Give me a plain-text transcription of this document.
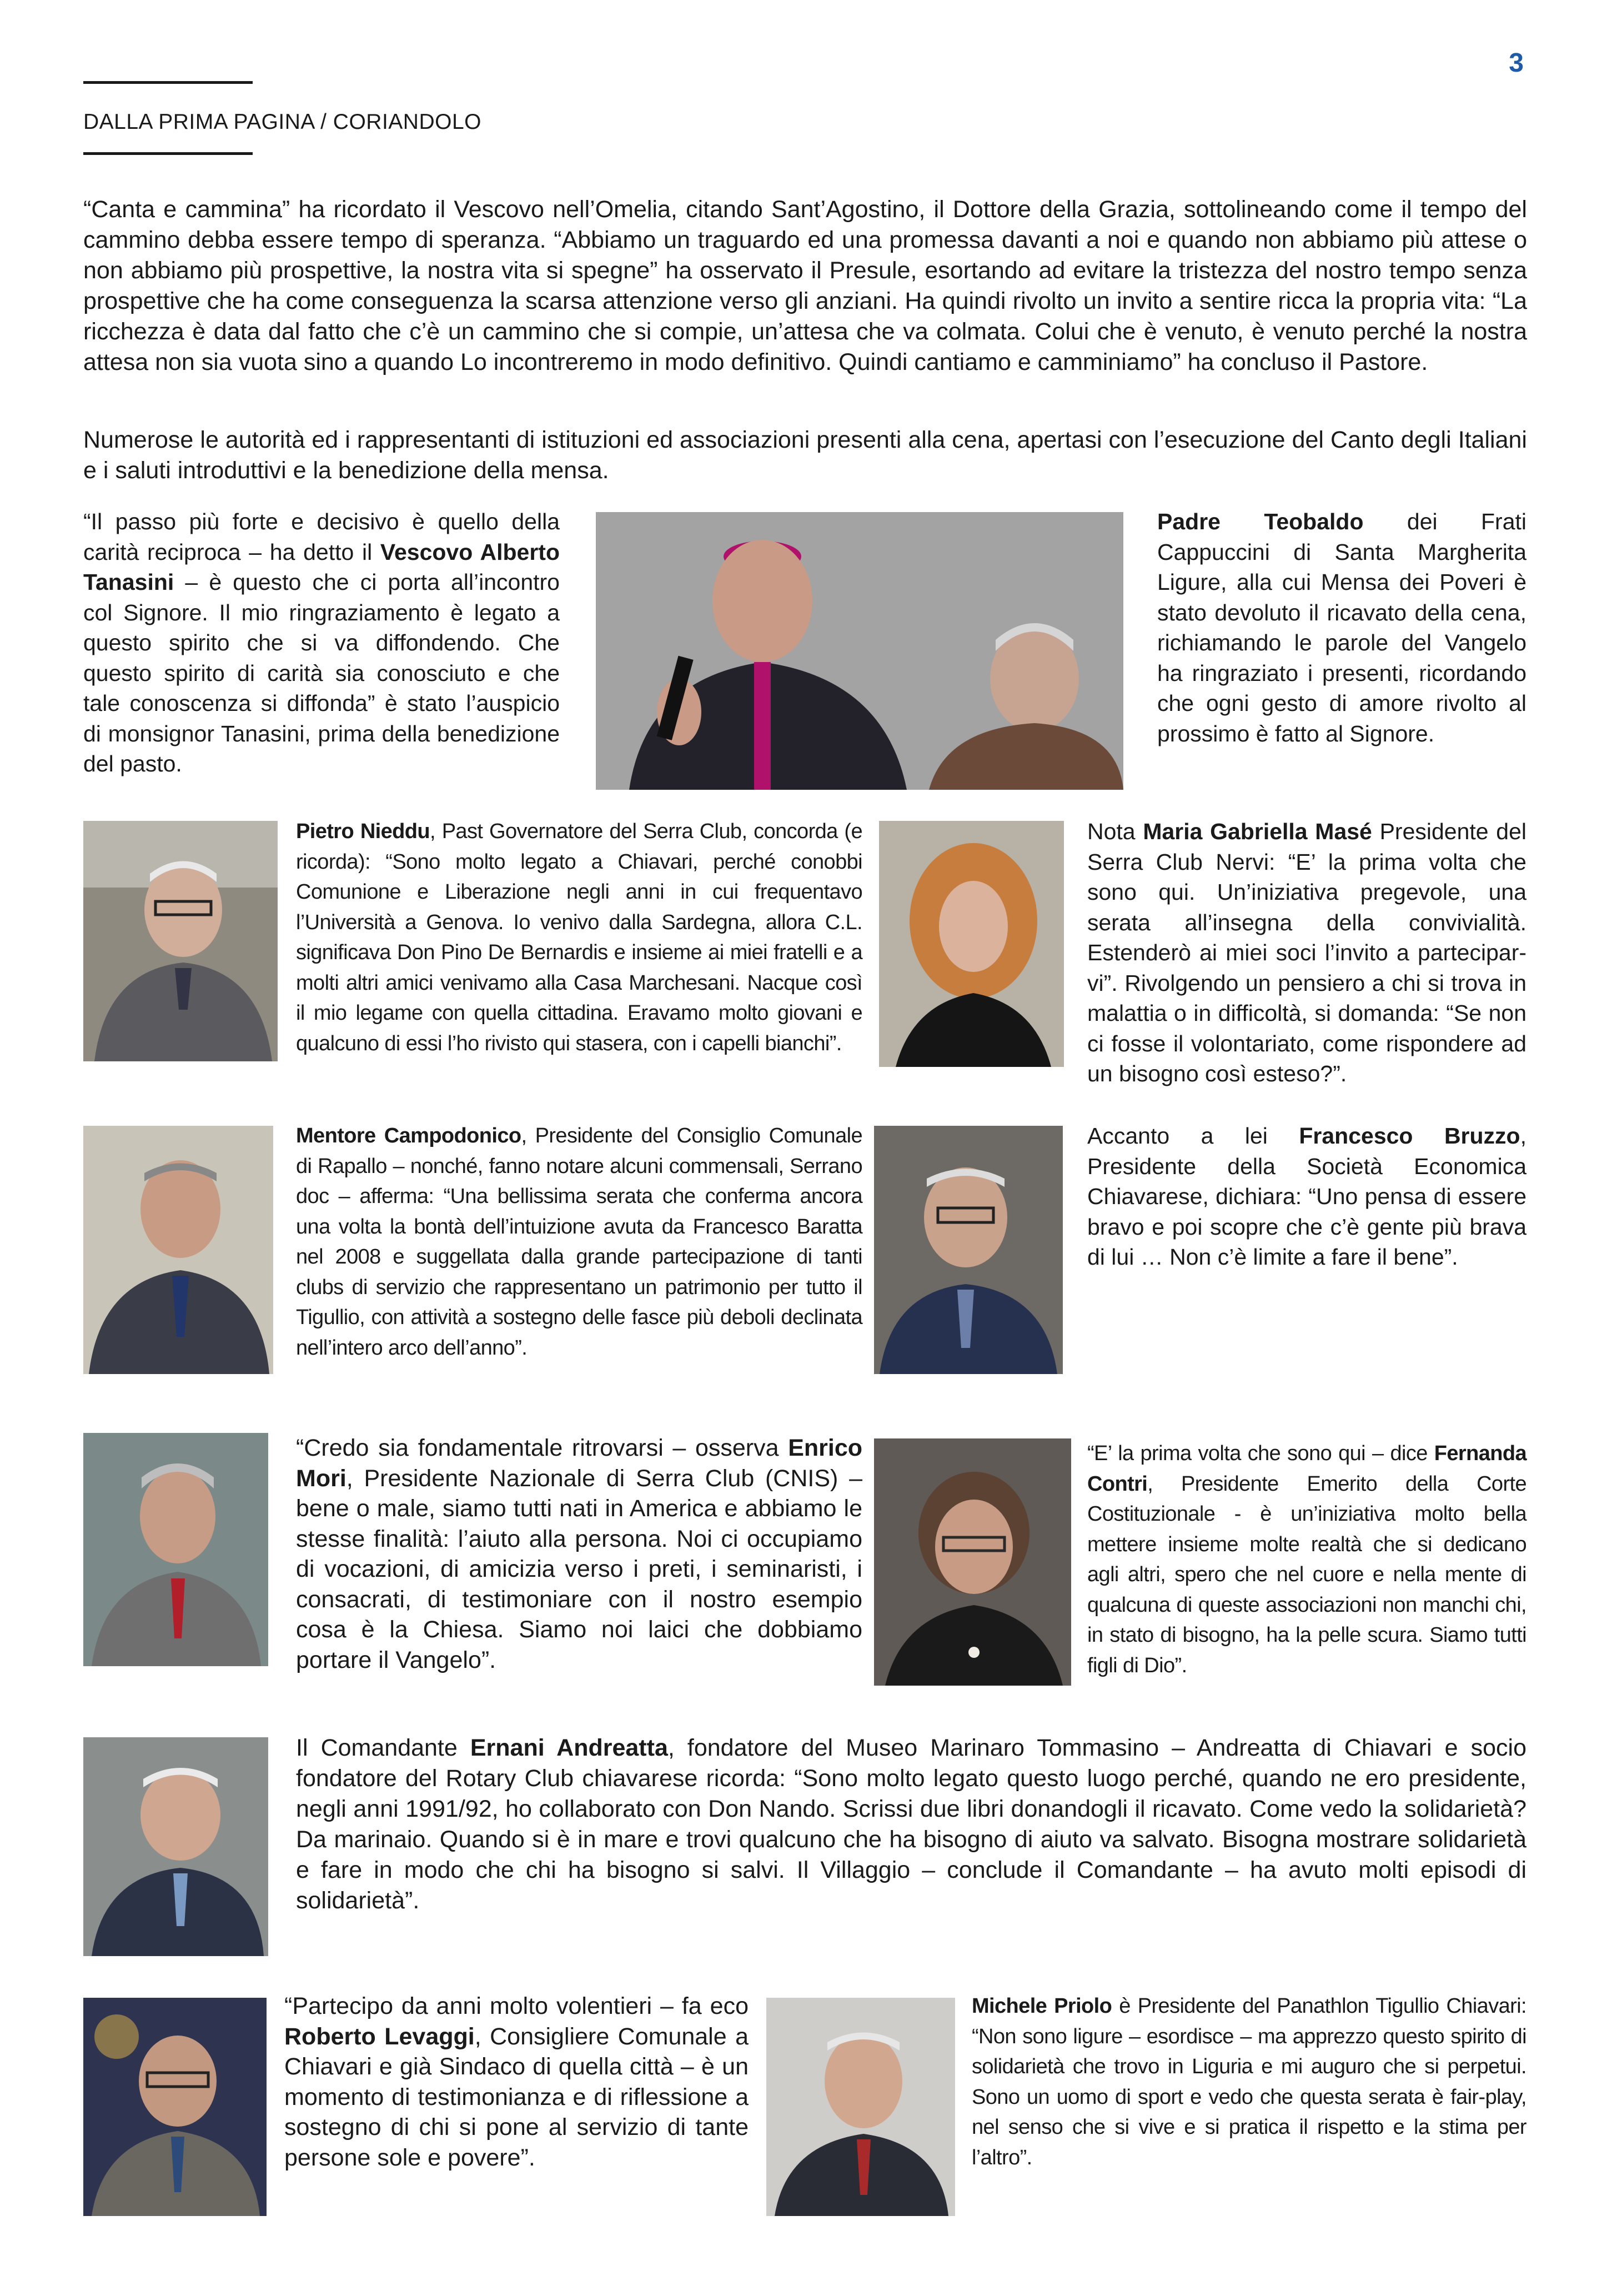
DALLA PRIMA PAGINA / CORIANDOLO
3

“Canta e cammina” ha ricordato il Vescovo nell’Omelia, citando Sant’Agostino, il Dottore della Grazia, sottolineando come il tempo del cammino debba essere tempo di speranza. “Abbiamo un traguardo ed una promessa davanti a noi e quando non abbiamo più attese o non abbiamo più prospettive, la nostra vita si spegne” ha osservato il Presule, esortando ad evitare la tristezza del nostro tempo senza prospettive che ha come conseguenza la scarsa attenzione verso gli anziani. Ha quindi rivolto un invito a sentire ricca la propria vita: “La ricchezza è data dal fatto che c’è un cammino che si compie, un’attesa che va colmata. Colui che è venuto, è venuto perché la nostra attesa non sia vuota sino a quando Lo incontreremo in modo definitivo. Quindi cantiamo e camminiamo” ha concluso il Pastore.

Numerose le autorità ed i rappresentanti di istituzioni ed associazioni presenti alla cena, apertasi con l’esecuzione del Canto degli Italiani e i saluti introduttivi e la benedizione della mensa.

“Il passo più forte e decisivo è quello della carità reciproca – ha detto il Vescovo Alberto Tanasini – è questo che ci porta all’incontro col Signore. Il mio ringraziamento è legato a questo spirito che si va diffondendo. Che questo spirito di carità sia conosciuto e che tale conoscenza si diffonda” è stato l’auspicio di monsignor Tanasini, prima della benedizione del pasto.

Padre Teobaldo dei Frati Cappuccini di Santa Margherita Ligure, alla cui Mensa dei Poveri è stato devoluto il ricavato della cena, richiamando le parole del Vangelo ha ringraziato i presenti, ricordando che ogni gesto di amore rivolto al prossimo è fatto al Signore.

Pietro Nieddu, Past Governatore del Serra Club, concorda (e ricorda): “Sono molto legato a Chiavari, perché conobbi Comunione e Liberazione negli anni in cui frequentavo l’Università a Genova. Io venivo dalla Sardegna, allora C.L. significava Don Pino De Bernardis e insieme ai miei fratelli e a molti altri amici venivamo alla Casa Marchesani. Nacque così il mio legame con quella cittadina. Eravamo molto giovani e qualcuno di essi l’ho rivisto qui stasera, con i capelli bianchi”.

Nota Maria Gabriella Masé Presidente del Serra Club Nervi: “E’ la prima volta che sono qui. Un’iniziativa pregevole, una serata all’insegna della convivialità. Estenderò ai miei soci l’invito a parteciparvi”. Rivolgendo un pensiero a chi si trova in malattia o in difficoltà, si domanda: “Se non ci fosse il volontariato, come rispondere ad un bisogno così esteso?”.

Mentore Campodonico, Presidente del Consiglio Comunale di Rapallo – nonché, fanno notare alcuni commensali, Serrano doc – afferma: “Una bellissima serata che conferma ancora una volta la bontà dell’intuizione avuta da Francesco Baratta nel 2008 e suggellata dalla grande partecipazione di tanti clubs di servizio che rappresentano un patrimonio per tutto il Tigullio, con attività a sostegno delle fasce più deboli declinata nell’intero arco dell’anno”.

Accanto a lei Francesco Bruzzo, Presidente della Società Economica Chiavarese, dichiara: “Uno pensa di essere bravo e poi scopre che c’è gente più brava di lui … Non c’è limite a fare il bene”.

“Credo sia fondamentale ritrovarsi – osserva Enrico Mori, Presidente Nazionale di Serra Club (CNIS) – bene o male, siamo tutti nati in America e abbiamo le stesse finalità: l’aiuto alla persona. Noi ci occupiamo di vocazioni, di amicizia verso i preti, i seminaristi, i consacrati, di testimoniare con il nostro esempio cosa è la Chiesa. Siamo noi laici che dobbiamo portare il Vangelo”.

“E’ la prima volta che sono qui – dice Fernanda Contri, Presidente Emerito della Corte Costituzionale - è un’iniziativa molto bella mettere insieme molte realtà che si dedicano agli altri, spero che nel cuore e nella mente di qualcuna di queste associazioni non manchi chi, in stato di bisogno, ha la pelle scura. Siamo tutti figli di Dio”.

Il Comandante Ernani Andreatta, fondatore del Museo Marinaro Tommasino – Andreatta di Chiavari e socio fondatore del Rotary Club chiavarese ricorda: “Sono molto legato questo luogo perché, quando ne ero presidente, negli anni 1991/92, ho collaborato con Don Nando. Scrissi due libri donandogli il ricavato. Come vedo la solidarietà? Da marinaio. Quando si è in mare e trovi qualcuno che ha bisogno di aiuto va salvato. Bisogna mostrare solidarietà e fare in modo che chi ha bisogno si salvi. Il Villaggio – conclude il Comandante – ha avuto molti episodi di solidarietà”.

“Partecipo da anni molto volentieri – fa eco Roberto Levaggi, Consigliere Comunale a Chiavari e già Sindaco di quella città – è un momento di testimonianza e di riflessione a sostegno di chi si pone al servizio di tante persone sole e povere”.

Michele Priolo è Presidente del Panathlon Tigullio Chiavari: “Non sono ligure – esordisce – ma apprezzo questo spirito di solidarietà che trovo in Liguria e mi auguro che si perpetui. Sono un uomo di sport e vedo che questa serata è fair-play, nel senso che si vive e si pratica il rispetto e la stima per l’altro”.
